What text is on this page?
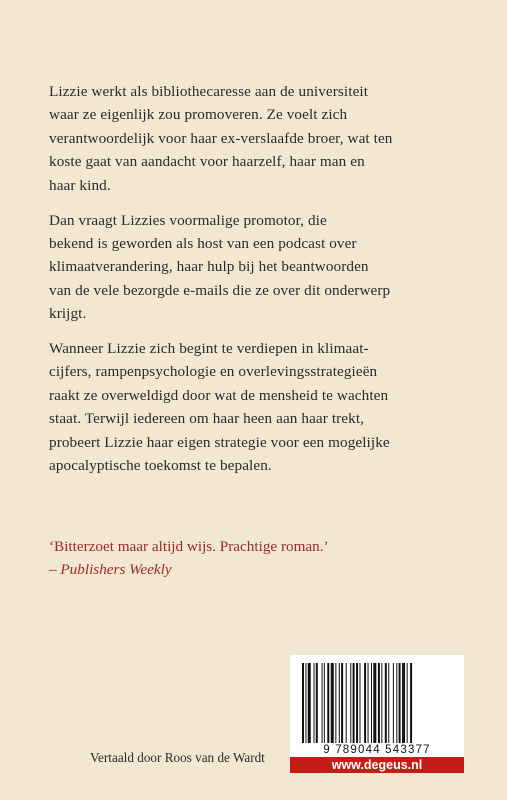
Lizzie werkt als bibliothecaresse aan de universiteit
waar ze eigenlijk zou promoveren. Ze voelt zich
verantwoordelijk voor haar ex-verslaafde broer, wat ten
koste gaat van aandacht voor haarzelf, haar man en
haar kind.

Dan vraagt Lizzies voormalige promotor, die
bekend is geworden als host van een podcast over
klimaatverandering, haar hulp bij het beantwoorden
van de vele bezorgde e-mails die ze over dit onderwerp
krijgt.

Wanneer Lizzie zich begint te verdiepen in klimaat-
cijfers, rampenpsychologie en overlevingsstrategieën
raakt ze overweldigd door wat de mensheid te wachten
staat. Terwijl iedereen om haar heen aan haar trekt,
probeert Lizzie haar eigen strategie voor een mogelijke
apocalyptische toekomst te bepalen.

‘Bitterzoet maar altijd wijs. Prachtige roman.’
– Publishers Weekly
Vertaald door Roos van de Wardt	9 789044 543377
www.degeus.nl
